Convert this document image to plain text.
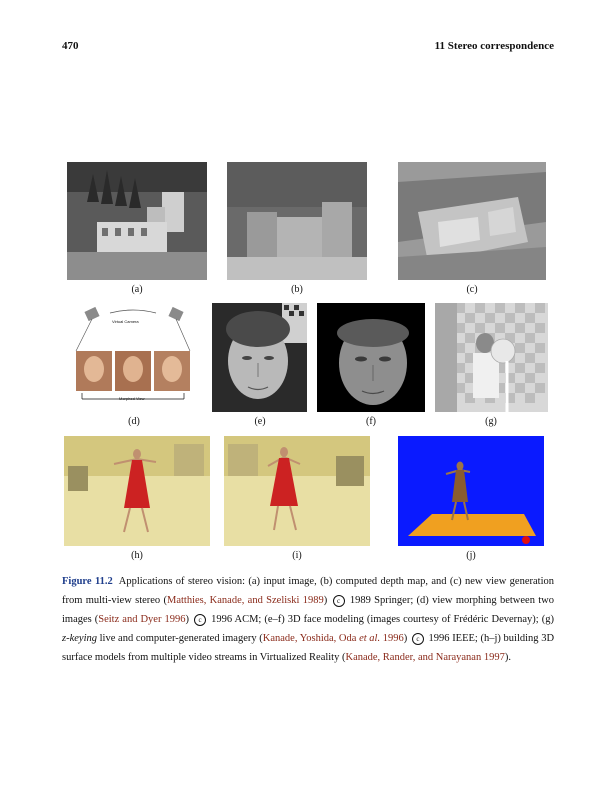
470	11 Stereo correspondence
(a)	(b)	(c)
Virtual Camera
Morphed View
(d)	(e)	(f)	(g)
(h)	(i)	(j)
Figure 11.2 Applications of stereo vision: (a) input image, (b) computed depth map, and (c) new view generation from multi-view stereo (Matthies, Kanade, and Szeliski 1989) c 1989 Springer; (d) view morphing between two images (Seitz and Dyer 1996) c 1996 ACM; (e–f) 3D face modeling (images courtesy of Frédéric Devernay); (g) z-keying live and computer-generated imagery (Kanade, Yoshida, Oda et al. 1996) c 1996 IEEE; (h–j) building 3D surface models from multiple video streams in Virtualized Reality (Kanade, Rander, and Narayanan 1997).
